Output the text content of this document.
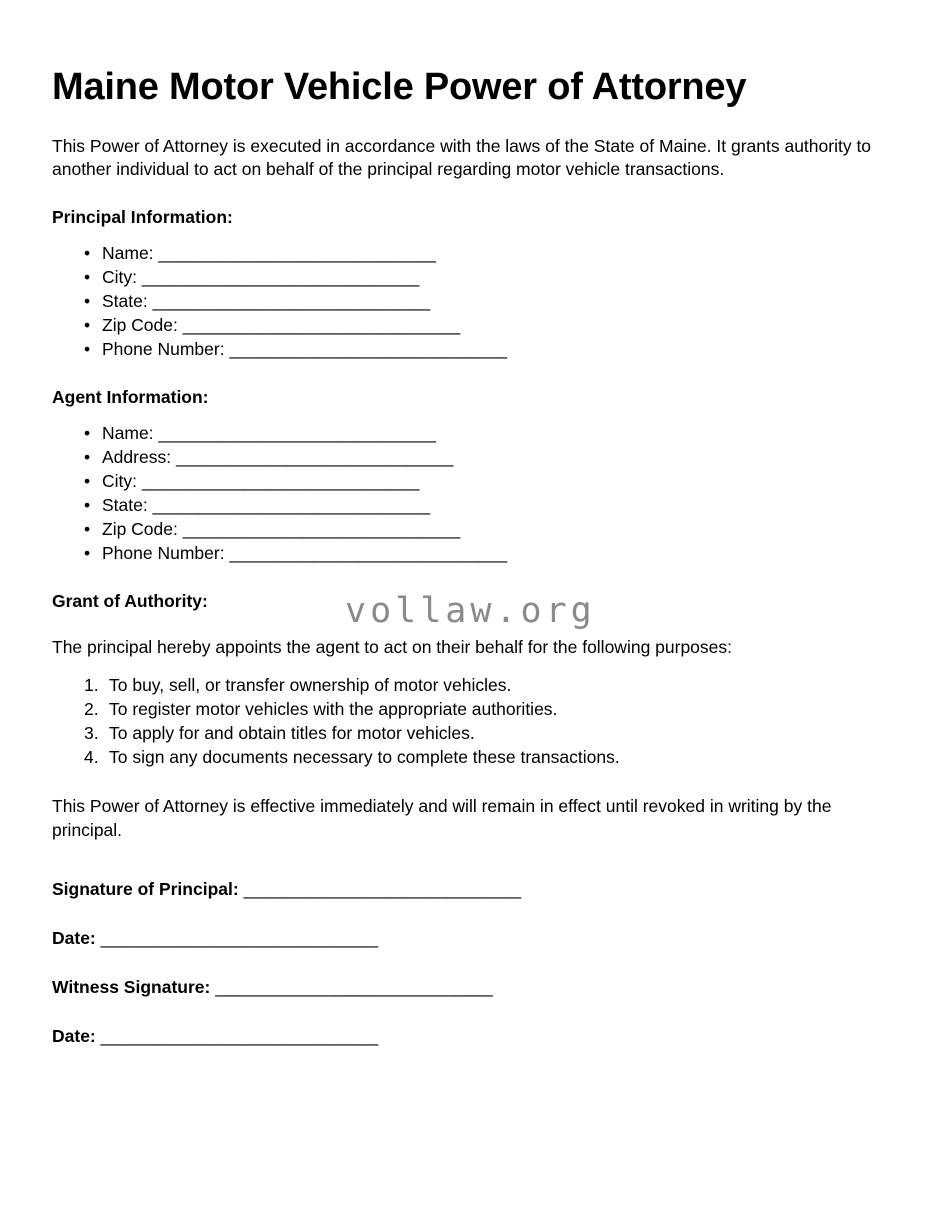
vollaw.org
Maine Motor Vehicle Power of Attorney

This Power of Attorney is executed in accordance with the laws of the State of Maine. It grants authority to another individual to act on behalf of the principal regarding motor vehicle transactions.

Principal Information:
• Name: ______________________________
• City: ______________________________
• State: ______________________________
• Zip Code: ______________________________
• Phone Number: ______________________________
Agent Information:
• Name: ______________________________
• Address: ______________________________
• City: ______________________________
• State: ______________________________
• Zip Code: ______________________________
• Phone Number: ______________________________
Grant of Authority:

The principal hereby appoints the agent to act on their behalf for the following purposes:

To buy, sell, or transfer ownership of motor vehicles.
To register motor vehicles with the appropriate authorities.
To apply for and obtain titles for motor vehicles.
To sign any documents necessary to complete these transactions.

This Power of Attorney is effective immediately and will remain in effect until revoked in writing by the principal.

Signature of Principal: ______________________________
Date: ______________________________
Witness Signature: ______________________________
Date: ______________________________
